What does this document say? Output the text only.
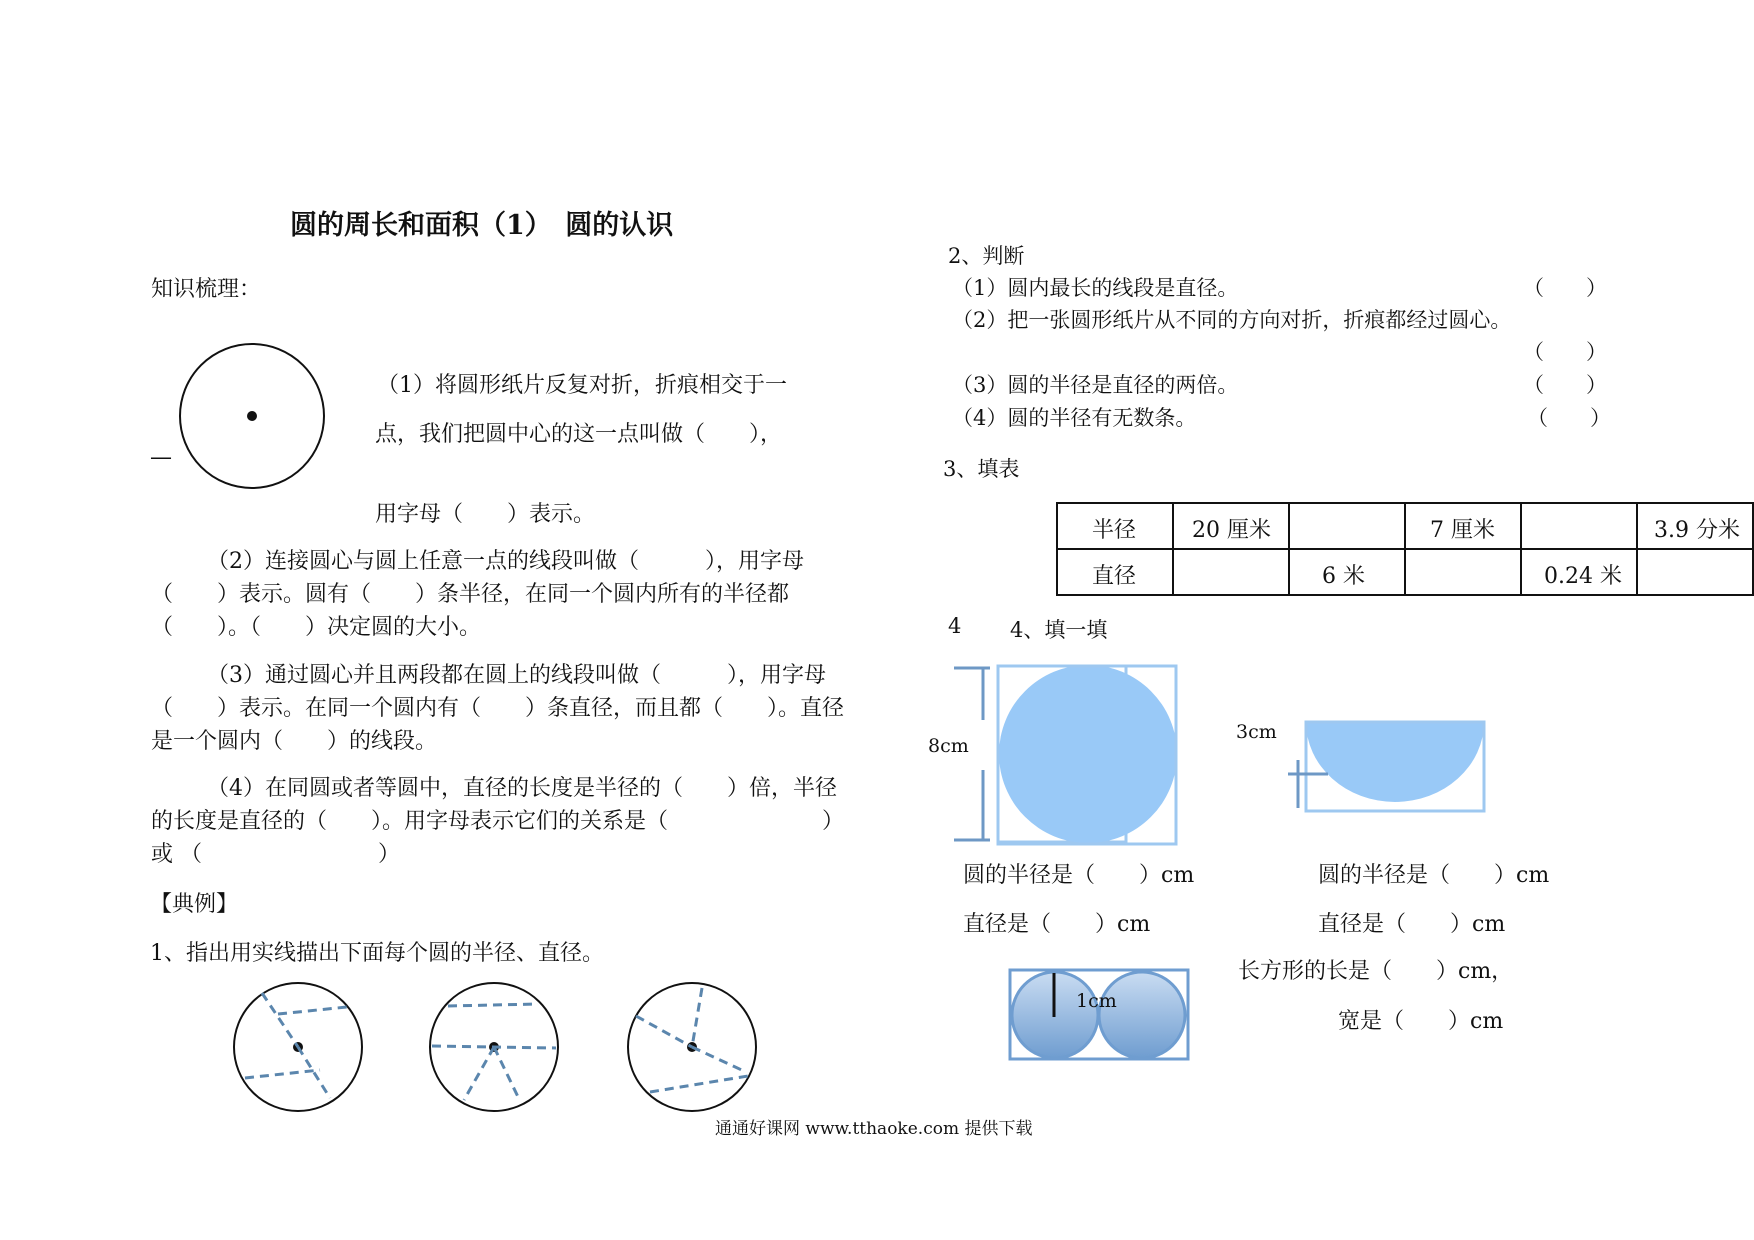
圆的周长和面积（1）　圆的认识
知识梳理：
—
（1）将圆形纸片反复对折，折痕相交于一
点，我们把圆中心的这一点叫做（　　），
用字母（　　）表示。
（2）连接圆心与圆上任意一点的线段叫做（　　　），用字母（　　）表示。圆有（　　）条半径，在同一个圆内所有的半径都（　　）。（　　）决定圆的大小。
（3）通过圆心并且两段都在圆上的线段叫做（　　　），用字母（　　）表示。在同一个圆内有（　　）条直径，而且都（　　）。直径是一个圆内（　　）的线段。
（4）在同圆或者等圆中，直径的长度是半径的（　　）倍，半径的长度是直径的（　　）。用字母表示它们的关系是（　　　　　　　）或 （　　　　　　　　）
【典例】
1、指出用实线描出下面每个圆的半径、直径。
2、判断
（1）圆内最长的线段是直径。	（　　）
（2）把一张圆形纸片从不同的方向对折，折痕都经过圆心。
（　　）
（3）圆的半径是直径的两倍。	（　　）
（4）圆的半径有无数条。	（　　）
3、填表
半径	20 厘米		7 厘米		3.9 分米

直径		6 米		0.24 米	

4 4、填一填
8cm
3cm
圆的半径是（　　）cm
直径是（　　）cm
圆的半径是（　　）cm
直径是（　　）cm
1cm
长方形的长是（　　）cm，
宽是（　　）cm
通通好课网 www.tthaoke.com 提供下载
